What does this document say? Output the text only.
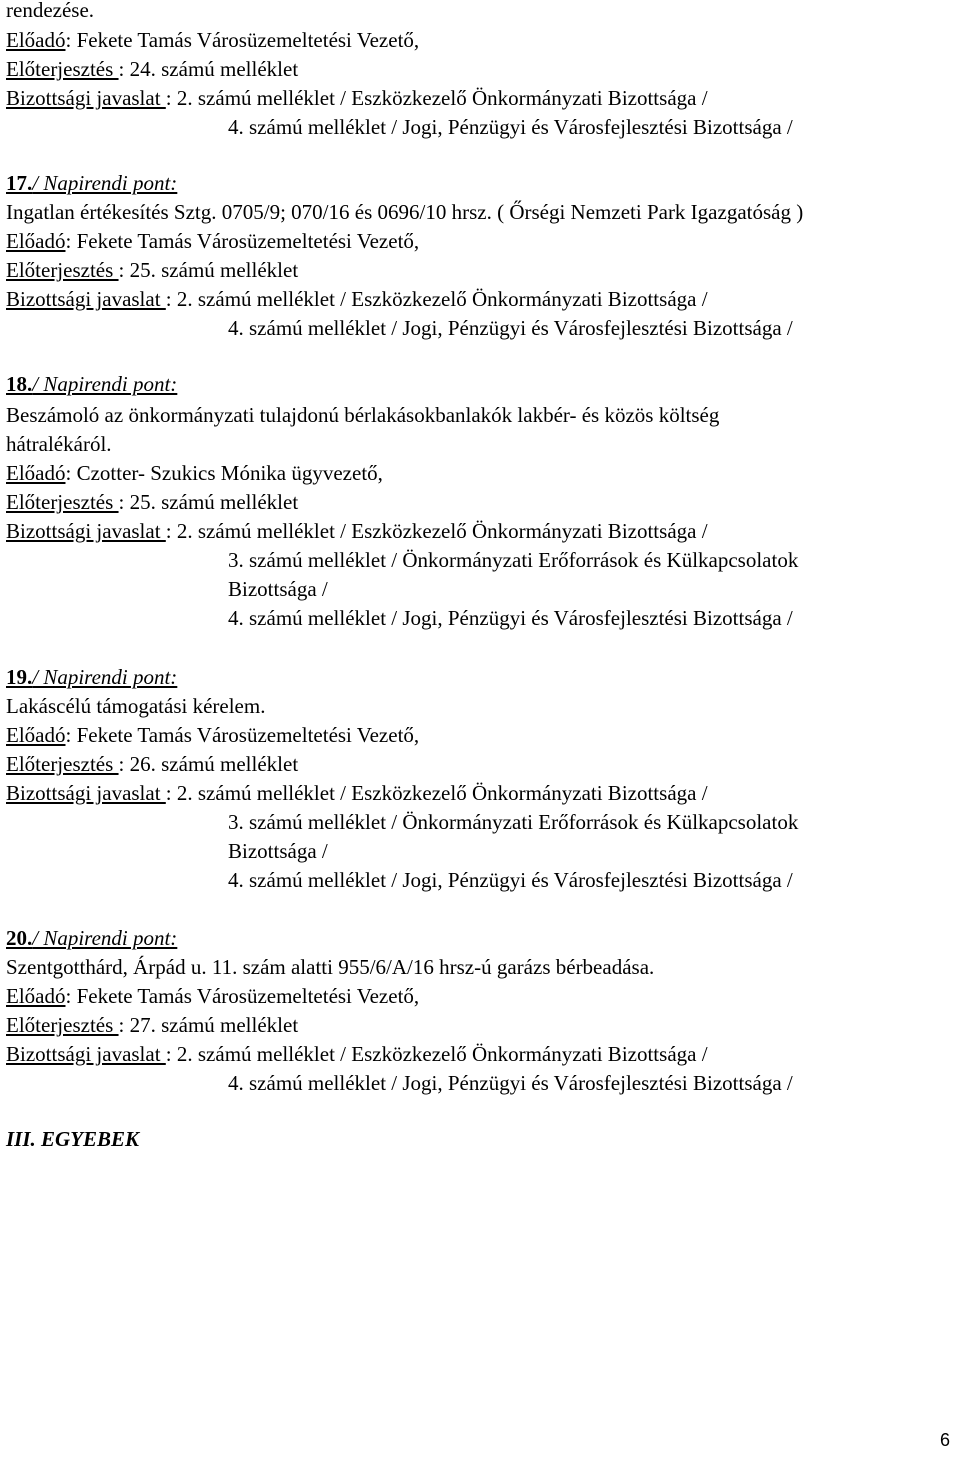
rendezése.
Előadó: Fekete Tamás Városüzemeltetési Vezető,
Előterjesztés : 24. számú melléklet
Bizottsági javaslat : 2. számú melléklet / Eszközkezelő Önkormányzati Bizottsága /
4. számú melléklet / Jogi, Pénzügyi és Városfejlesztési Bizottsága /
17./ Napirendi pont:
Ingatlan értékesítés Sztg. 0705/9; 070/16 és 0696/10 hrsz. ( Őrségi Nemzeti Park Igazgatóság )
Előadó: Fekete Tamás Városüzemeltetési Vezető,
Előterjesztés : 25. számú melléklet
Bizottsági javaslat : 2. számú melléklet / Eszközkezelő Önkormányzati Bizottsága /
4. számú melléklet / Jogi, Pénzügyi és Városfejlesztési Bizottsága /
18./ Napirendi pont:
Beszámoló az önkormányzati tulajdonú bérlakásokbanlakók lakbér- és közös költség
hátralékáról.
Előadó: Czotter- Szukics Mónika ügyvezető,
Előterjesztés : 25. számú melléklet
Bizottsági javaslat : 2. számú melléklet / Eszközkezelő Önkormányzati Bizottsága /
3. számú melléklet / Önkormányzati Erőforrások és Külkapcsolatok
Bizottsága /
4. számú melléklet / Jogi, Pénzügyi és Városfejlesztési Bizottsága /
19./ Napirendi pont:
Lakáscélú támogatási kérelem.
Előadó: Fekete Tamás Városüzemeltetési Vezető,
Előterjesztés : 26. számú melléklet
Bizottsági javaslat : 2. számú melléklet / Eszközkezelő Önkormányzati Bizottsága /
3. számú melléklet / Önkormányzati Erőforrások és Külkapcsolatok
Bizottsága /
4. számú melléklet / Jogi, Pénzügyi és Városfejlesztési Bizottsága /
20./ Napirendi pont:
Szentgotthárd, Árpád u. 11. szám alatti 955/6/A/16 hrsz-ú garázs bérbeadása.
Előadó: Fekete Tamás Városüzemeltetési Vezető,
Előterjesztés : 27. számú melléklet
Bizottsági javaslat : 2. számú melléklet / Eszközkezelő Önkormányzati Bizottsága /
4. számú melléklet / Jogi, Pénzügyi és Városfejlesztési Bizottsága /
III. EGYEBEK
6
